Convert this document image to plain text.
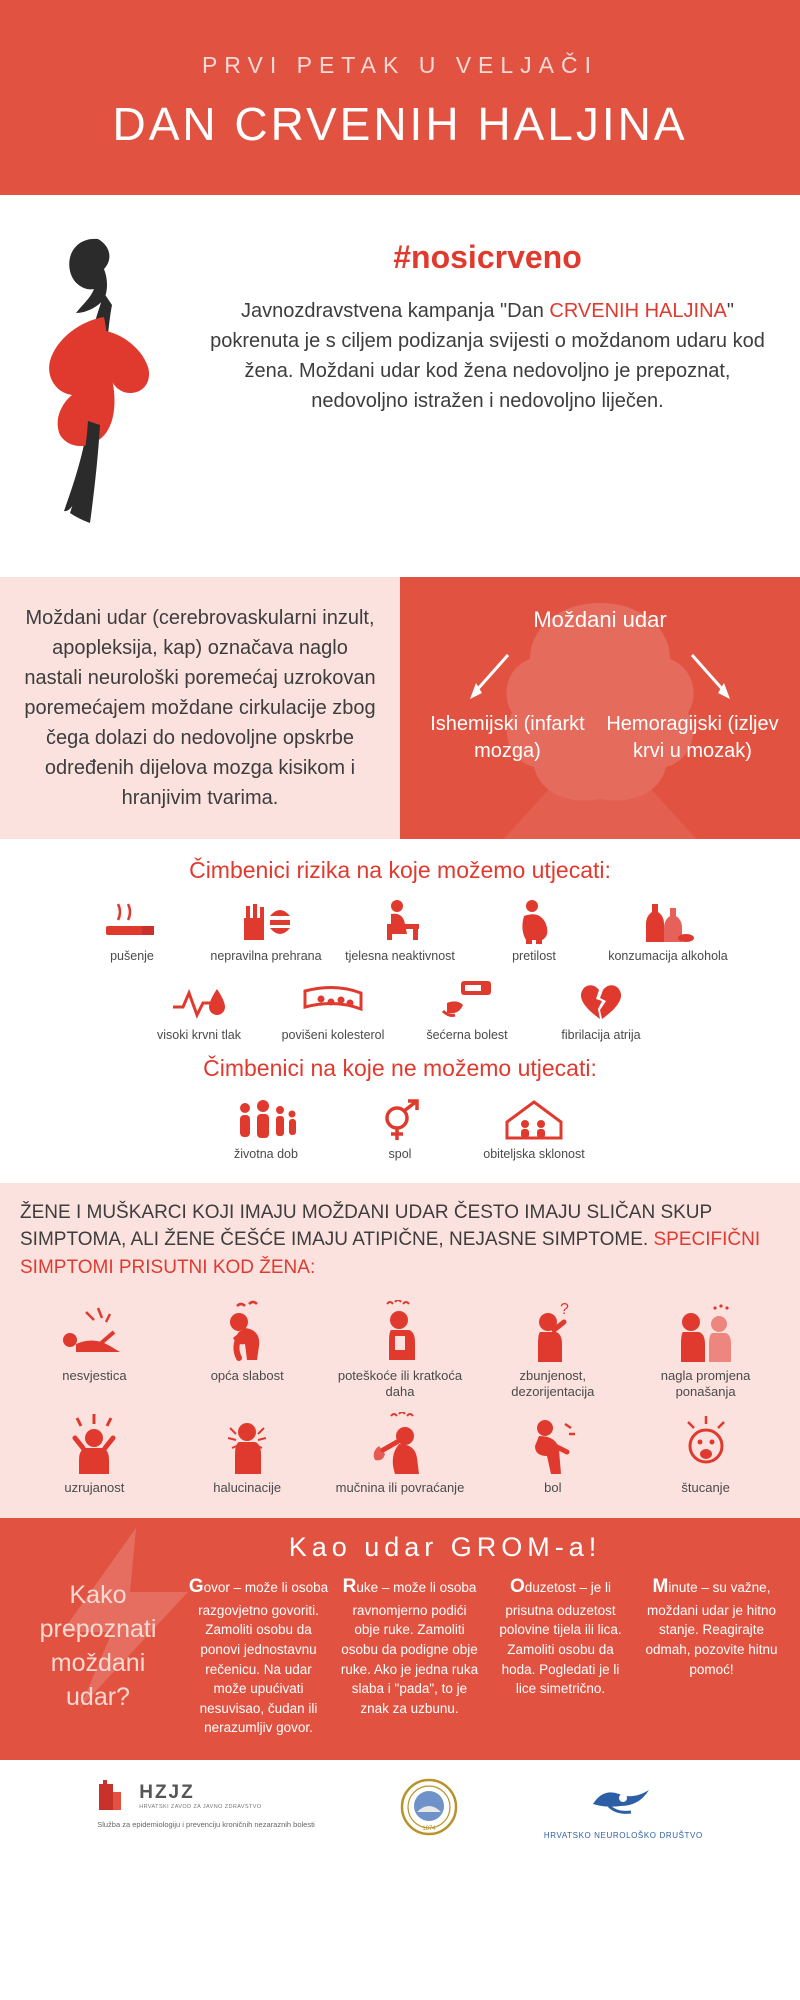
PRVI PETAK U VELJAČI
DAN CRVENIH HALJINA
#nosicrveno

Javnozdravstvena kampanja "Dan CRVENIH HALJINA" pokrenuta je s ciljem podizanja svijesti o moždanom udaru kod žena. Moždani udar kod žena nedovoljno je prepoznat, nedovoljno istražen i nedovoljno liječen.

Moždani udar (cerebrovaskularni inzult, apopleksija, kap) označava naglo nastali neurološki poremećaj uzrokovan poremećajem moždane cirkulacije zbog čega dolazi do nedovoljne opskrbe određenih dijelova mozga kisikom i hranjivim tvarima.
Moždani udar
Ishemijski (infarkt mozga)
Hemoragijski (izljev krvi u mozak)
Čimbenici rizika na koje možemo utjecati:
pušenje	nepravilna prehrana	tjelesna neaktivnost	pretilost	konzumacija alkohola
visoki krvni tlak	povišeni kolesterol	šećerna bolest	fibrilacija atrija
Čimbenici na koje ne možemo utjecati:
životna dob	spol	obiteljska sklonost
ŽENE I MUŠKARCI KOJI IMAJU MOŽDANI UDAR ČESTO IMAJU SLIČAN SKUP SIMPTOMA, ALI ŽENE ČEŠĆE IMAJU ATIPIČNE, NEJASNE SIMPTOME. SPECIFIČNI SIMPTOMI PRISUTNI KOD ŽENA:
nesvjestica	opća slabost	poteškoće ili kratkoća daha
?
zbunjenost, dezorijentacija
nagla promjena ponašanja
uzrujanost	halucinacije	mučnina ili povraćanje	bol	štucanje
Kao udar GROM-a!
Kako prepoznati moždani udar?
Govor – može li osoba razgovjetno govoriti. Zamoliti osobu da ponovi jednostavnu rečenicu. Na udar može upućivati nesuvisao, čudan ili nerazumljiv govor.
Ruke – može li osoba ravnomjerno podići obje ruke. Zamoliti osobu da podigne obje ruke. Ako je jedna ruka slaba i "pada", to je znak za uzbunu.
Oduzetost – je li prisutna oduzetost polovine tijela ili lica. Zamoliti osobu da hoda. Pogledati je li lice simetrično.
Minute – su važne, moždani udar je hitno stanje. Reagirajte odmah, pozovite hitnu pomoć!
HZJZ
HRVATSKI ZAVOD ZA JAVNO ZDRAVSTVO
Služba za epidemiologiju i prevenciju kroničnih nezaraznih bolesti	1874
HRVATSKO NEUROLOŠKO DRUŠTVO
